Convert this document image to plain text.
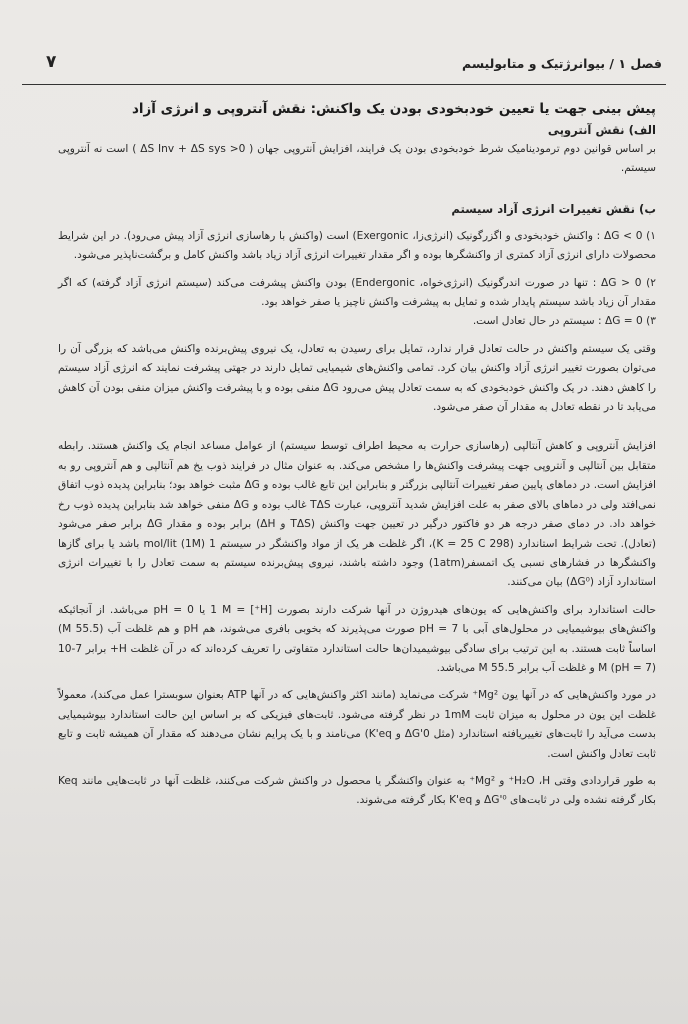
فصل ۱ / بیوانرژتیک و متابولیسم
۷
پیش بینی جهت یا تعیین خودبخودی بودن یک واکنش: نقش آنتروپی و انرژی آزاد
الف) نقش آنتروپی

بر اساس قوانین دوم ترمودینامیک شرط خودبخودی بودن یک فرایند، افزایش آنتروپی جهان ( ΔS Inv + ΔS sys >0 ) است نه آنتروپی سیستم.

ب) نقش تغییرات انرژی آزاد سیستم

۱) ΔG < 0 : واکنش خودبخودی و اگزرگونیک (انرژی‌زا، Exergonic) است (واکنش با رهاسازی انرژی آزاد پیش می‌رود). در این شرایط محصولات دارای انرژی آزاد کمتری از واکنشگرها بوده و اگر مقدار تغییرات انرژی آزاد زیاد باشد واکنش کامل و برگشت‌ناپذیر می‌شود.

۲) ΔG > 0 : تنها در صورت اندرگونیک (انرژی‌خواه، Endergonic) بودن واکنش پیشرفت می‌کند (سیستم انرژی آزاد گرفته) که اگر مقدار آن زیاد باشد سیستم پایدار شده و تمایل به پیشرفت واکنش ناچیز یا صفر خواهد بود.

۳) ΔG = 0 : سیستم در حال تعادل است.

وقتی یک سیستم واکنش در حالت تعادل قرار ندارد، تمایل برای رسیدن به تعادل، یک نیروی پیش‌برنده واکنش می‌باشد که بزرگی آن را می‌توان بصورت تغییر انرژی آزاد واکنش بیان کرد. تمامی واکنش‌های شیمیایی تمایل دارند در جهتی پیشرفت نمایند که انرژی آزاد سیستم را کاهش دهند. در یک واکنش خودبخودی که به سمت تعادل پیش می‌رود ΔG منفی بوده و با پیشرفت واکنش میزان منفی بودن آن کاهش می‌یابد تا در نقطه تعادل به مقدار آن صفر می‌شود.

افزایش آنتروپی و کاهش آنتالپی (رهاسازی حرارت به محیط اطراف توسط سیستم) از عوامل مساعد انجام یک واکنش هستند. رابطه متقابل بین آنتالپی و آنتروپی جهت پیشرفت واکنش‌ها را مشخص می‌کند. به عنوان مثال در فرایند ذوب یخ هم آنتالپی و هم آنتروپی رو به افزایش است. در دماهای پایین صفر تغییرات آنتالپی بزرگتر و بنابراین این تابع غالب بوده و ΔG مثبت خواهد بود؛ بنابراین پدیده ذوب اتفاق نمی‌افتد ولی در دماهای بالای صفر به علت افزایش شدید آنتروپی، عبارت TΔS غالب بوده و ΔG منفی خواهد شد بنابراین پدیده ذوب رخ خواهد داد. در دمای صفر درجه هر دو فاکتور درگیر در تعیین جهت واکنش (TΔS و ΔH) برابر بوده و مقدار ΔG برابر صفر می‌شود (تعادل). تحت شرایط استاندارد (298 K = 25 C)، اگر غلظت هر یک از مواد واکنشگر در سیستم 1 mol/lit (1M) باشد یا برای گازها واکنشگرها در فشارهای نسبی یک اتمسفر(1atm) وجود داشته باشند، نیروی پیش‌برنده سیستم به سمت تعادل را با تغییرات انرژی استاندارد آزاد (ΔG⁰) بیان می‌کنند.

حالت استاندارد برای واکنش‌هایی که یون‌های هیدروژن در آنها شرکت دارند بصورت [H⁺] = 1 M یا pH = 0 می‌باشد. از آنجائیکه واکنش‌های بیوشیمیایی در محلول‌های آبی با pH = 7 صورت می‌پذیرند که بخوبی بافری می‌شوند، هم pH و هم غلظت آب (55.5 M) اساساً ثابت هستند. به این ترتیب برای سادگی بیوشیمیدان‌ها حالت استاندارد متفاوتی را تعریف کرده‌اند که در آن غلظت H+ برابر 7-10 M (pH = 7) و غلظت آب برابر 55.5 M می‌باشد.

در مورد واکنش‌هایی که در آنها یون Mg²⁺ شرکت می‌نماید (مانند اکثر واکنش‌هایی که در آنها ATP بعنوان سوبسترا عمل می‌کند)، معمولاً غلظت این یون در محلول به میزان ثابت 1mM در نظر گرفته می‌شود. ثابت‌های فیزیکی که بر اساس این حالت استاندارد بیوشیمیایی بدست می‌آید را ثابت‌های تغییریافته استاندارد (مثل ΔG'0 و K'eq) می‌نامند و با یک پرایم نشان می‌دهند که مقدار آن همیشه ثابت و تابع ثابت تعادل واکنش است.

به طور قراردادی وقتی H₂O ،H⁺ و Mg²⁺ به عنوان واکنشگر یا محصول در واکنش شرکت می‌کنند، غلظت آنها در ثابت‌هایی مانند Keq بکار گرفته نشده ولی در ثابت‌های ΔG'⁰ و K'eq بکار گرفته می‌شوند.
